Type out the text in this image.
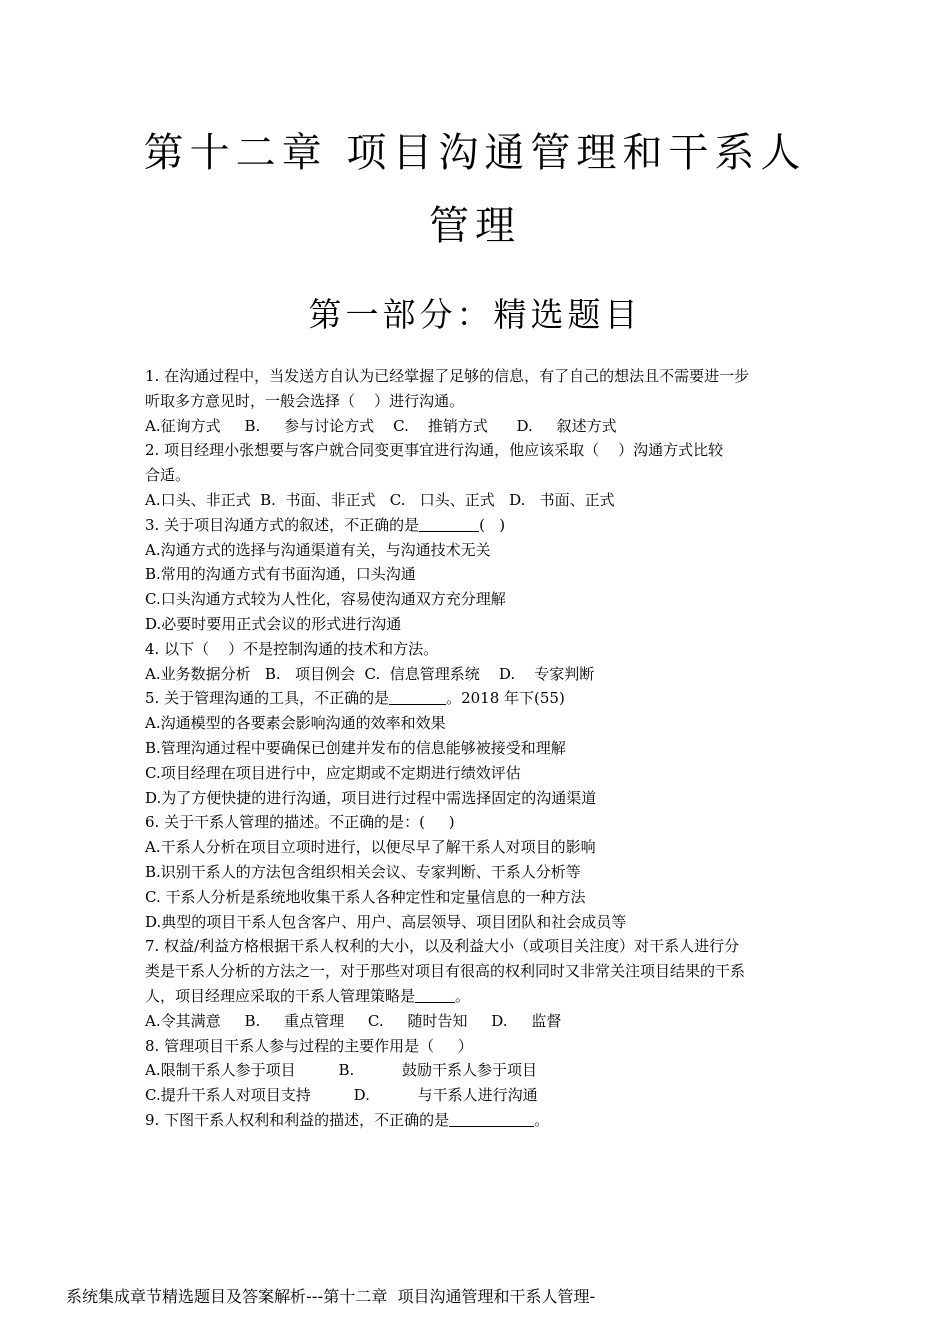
第十二章 项目沟通管理和干系人
管理
第一部分：精选题目
1. 在沟通过程中，当发送方自认为已经掌握了足够的信息，有了自己的想法且不需要进一步
听取多方意见时，一般会选择（    ）进行沟通。
A.征询方式     B.     参与讨论方式    C.    推销方式      D.     叙述方式
2. 项目经理小张想要与客户就合同变更事宜进行沟通，他应该采取（    ）沟通方式比较
合适。
A.口头、非正式  B.  书面、非正式   C.   口头、正式   D.   书面、正式
3. 关于项目沟通方式的叙述，不正确的是	(   )
A.沟通方式的选择与沟通渠道有关，与沟通技术无关
B.常用的沟通方式有书面沟通，口头沟通
C.口头沟通方式较为人性化，容易使沟通双方充分理解
D.必要时要用正式会议的形式进行沟通
4. 以下（    ）不是控制沟通的技术和方法。
A.业务数据分析   B.   项目例会  C.  信息管理系统    D.    专家判断
5. 关于管理沟通的工具，不正确的是	。2018 年下(55)
A.沟通模型的各要素会影响沟通的效率和效果
B.管理沟通过程中要确保已创建并发布的信息能够被接受和理解
C.项目经理在项目进行中，应定期或不定期进行绩效评估
D.为了方便快捷的进行沟通，项目进行过程中需选择固定的沟通渠道
6. 关于干系人管理的描述。不正确的是：(     )
A.干系人分析在项目立项时进行，以便尽早了解干系人对项目的影响
B.识别干系人的方法包含组织相关会议、专家判断、干系人分析等
C. 干系人分析是系统地收集干系人各种定性和定量信息的一种方法
D.典型的项目干系人包含客户、用户、高层领导、项目团队和社会成员等
7. 权益/利益方格根据干系人权利的大小，以及利益大小（或项目关注度）对干系人进行分
类是干系人分析的方法之一，对于那些对项目有很高的权利同时又非常关注项目结果的干系
人，项目经理应采取的干系人管理策略是	。
A.令其满意     B.     重点管理     C.     随时告知     D.     监督
8. 管理项目干系人参与过程的主要作用是（     ）
A.限制干系人参于项目         B.          鼓励干系人参于项目
C.提升干系人对项目支持         D.          与干系人进行沟通
9. 下图干系人权利和利益的描述，不正确的是	。
系统集成章节精选题目及答案解析---第十二章  项目沟通管理和干系人管理-
